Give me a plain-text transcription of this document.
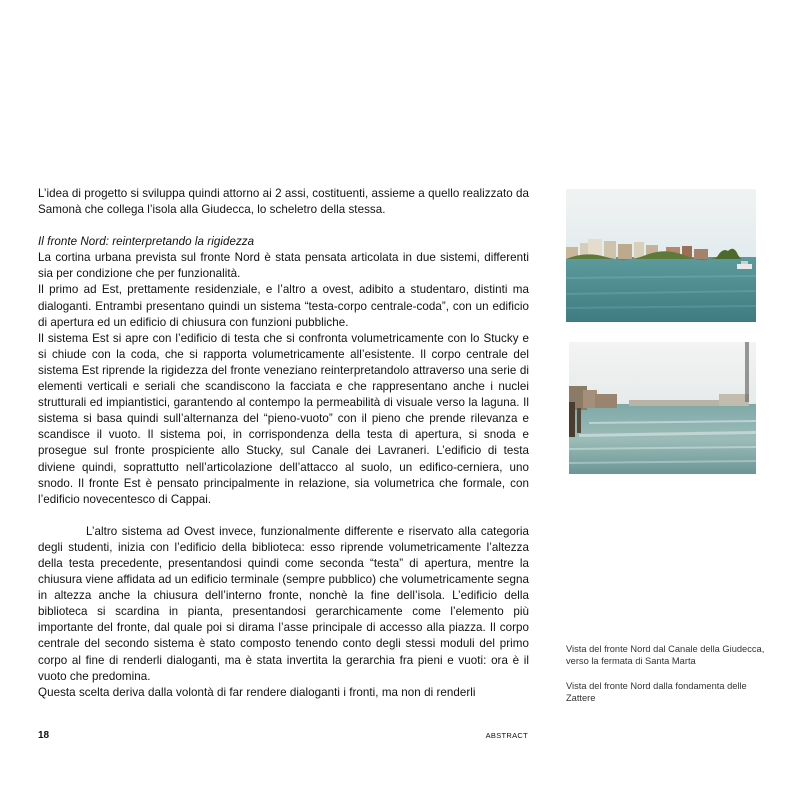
L’idea di progetto si sviluppa quindi attorno ai 2 assi, costituenti, assieme a quello realizzato da Samonà che collega l’isola alla Giudecca, lo scheletro della stessa.

Il fronte Nord: reinterpretando la rigidezza

La cortina urbana prevista sul fronte Nord è stata pensata articolata in due sistemi, differenti sia per condizione che per funzionalità.

Il primo ad Est, prettamente residenziale, e l’altro a ovest, adibito a studentaro, distinti ma dialoganti. Entrambi presentano quindi un sistema “testa-corpo centrale-coda”, con un edificio di apertura ed un edificio di chiusura con funzioni pubbliche.

Il sistema Est si apre con l’edificio di testa che si confronta volumetricamente con lo Stucky e si chiude con la coda, che si rapporta volumetricamente all’esistente. Il corpo centrale del sistema Est riprende la rigidezza del fronte veneziano reinterpretandolo attraverso una serie di elementi verticali e seriali che scandiscono la facciata e che rappresentano anche i nuclei strutturali ed impiantistici, garantendo al contempo la permeabilità di visuale verso la laguna. Il sistema si basa quindi sull’alternanza del “pieno-vuoto” con il pieno che prende rilevanza e scandisce il vuoto. Il sistema poi, in corrispondenza della testa di apertura, si snoda e prosegue sul fronte prospiciente allo Stucky, sul Canale dei Lavraneri. L’edificio di testa diviene quindi, soprattutto nell’articolazione dell’attacco al suolo, un edifico-cerniera, uno snodo. Il fronte Est è pensato principalmente in relazione, sia volumetrica che formale, con l’edificio novecentesco di Cappai.

L’altro sistema ad Ovest invece, funzionalmente differente e riservato alla categoria degli studenti, inizia con l’edificio della biblioteca: esso riprende volumetricamente l’altezza della testa precedente, presentandosi quindi come seconda “testa” di apertura, mentre la chiusura viene affidata ad un edificio terminale (sempre pubblico) che volumetricamente segna in altezza anche la chiusura dell’interno fronte, nonchè la fine dell’isola. L’edificio della biblioteca si scardina in pianta, presentandosi gerarchicamente come l’elemento più importante del fronte, dal quale poi si dirama l’asse principale di accesso alla piazza. Il corpo centrale del secondo sistema è stato composto tenendo conto degli stessi moduli del primo corpo al fine di renderli dialoganti, ma è stata invertita la gerarchia fra pieni e vuoti: ora è il vuoto che predomina.

Questa scelta deriva dalla volontà di far rendere dialoganti i fronti, ma non di renderli

Vista del fronte Nord dal Canale della Giudecca, verso la fermata di Santa Marta

Vista del fronte Nord dalla fondamenta delle Zattere

18	ABSTRACT
